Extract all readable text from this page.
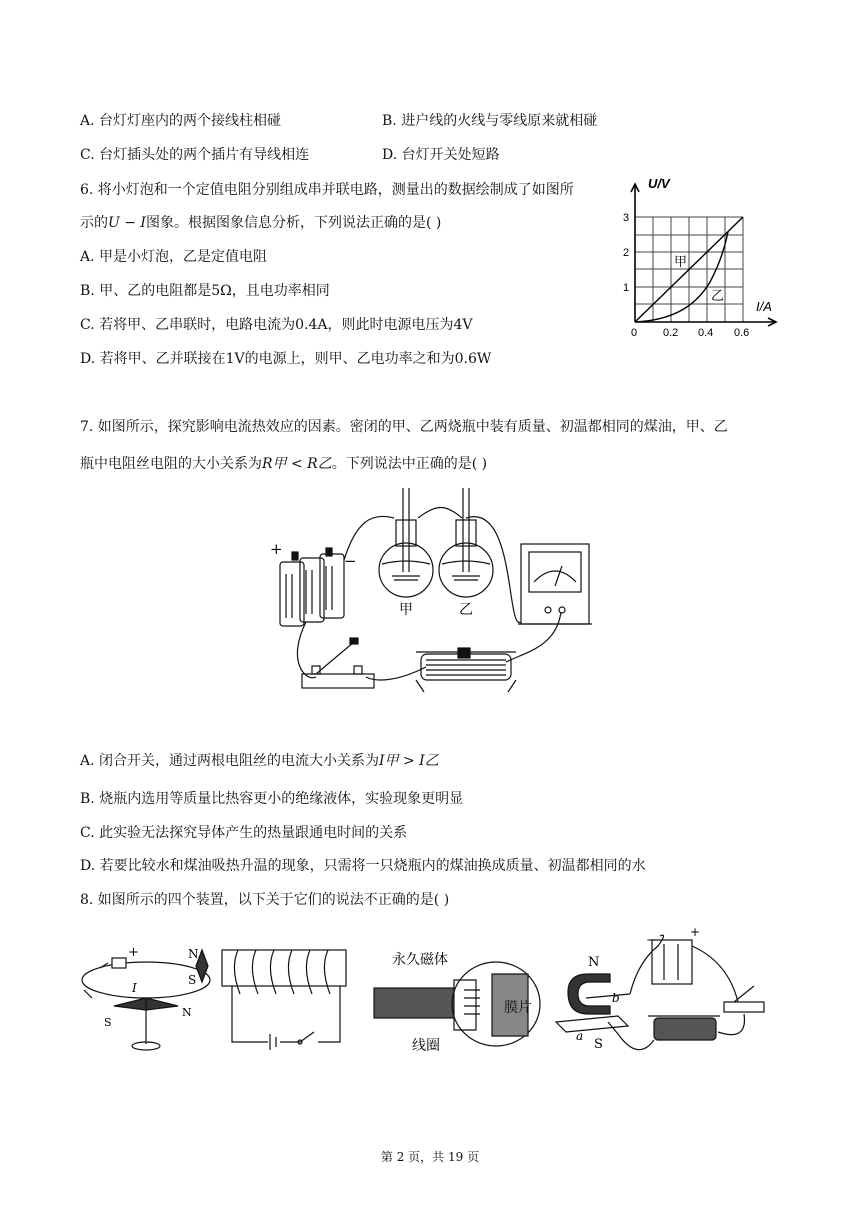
A. 台灯灯座内的两个接线柱相碰	B. 进户线的火线与零线原来就相碰
C. 台灯插头处的两个插片有导线相连	D. 台灯开关处短路
6. 将小灯泡和一个定值电阻分别组成串并联电路，测量出的数据绘制成了如图所
示的U − I图象。根据图象信息分析，下列说法正确的是( )
A. 甲是小灯泡，乙是定值电阻
B. 甲、乙的电阻都是5Ω，且电功率相同
C. 若将甲、乙串联时，电路电流为0.4A，则此时电源电压为4V
D. 若将甲、乙并联接在1V的电源上，则甲、乙电功率之和为0.6W
U/V
I/A
1
2
3
0 0.2 0.4 0.6
甲
乙
7. 如图所示，探究影响电流热效应的因素。密闭的甲、乙两烧瓶中装有质量、初温都相同的煤油，甲、乙
瓶中电阻丝电阻的大小关系为R甲 < R乙。下列说法中正确的是( )
+
−
甲	乙
A. 闭合开关，通过两根电阻丝的电流大小关系为I甲 > I乙
B. 烧瓶内选用等质量比热容更小的绝缘液体，实验现象更明显
C. 此实验无法探究导体产生的热量跟通电时间的关系
D. 若要比较水和煤油吸热升温的现象，只需将一只烧瓶内的煤油换成质量、初温都相同的水
8. 如图所示的四个装置，以下关于它们的说法不正确的是( )
+
I
S
N
N
S
永久磁体
膜片
线圈
N
S
a
b
−
+
第 2 页，共 19 页
